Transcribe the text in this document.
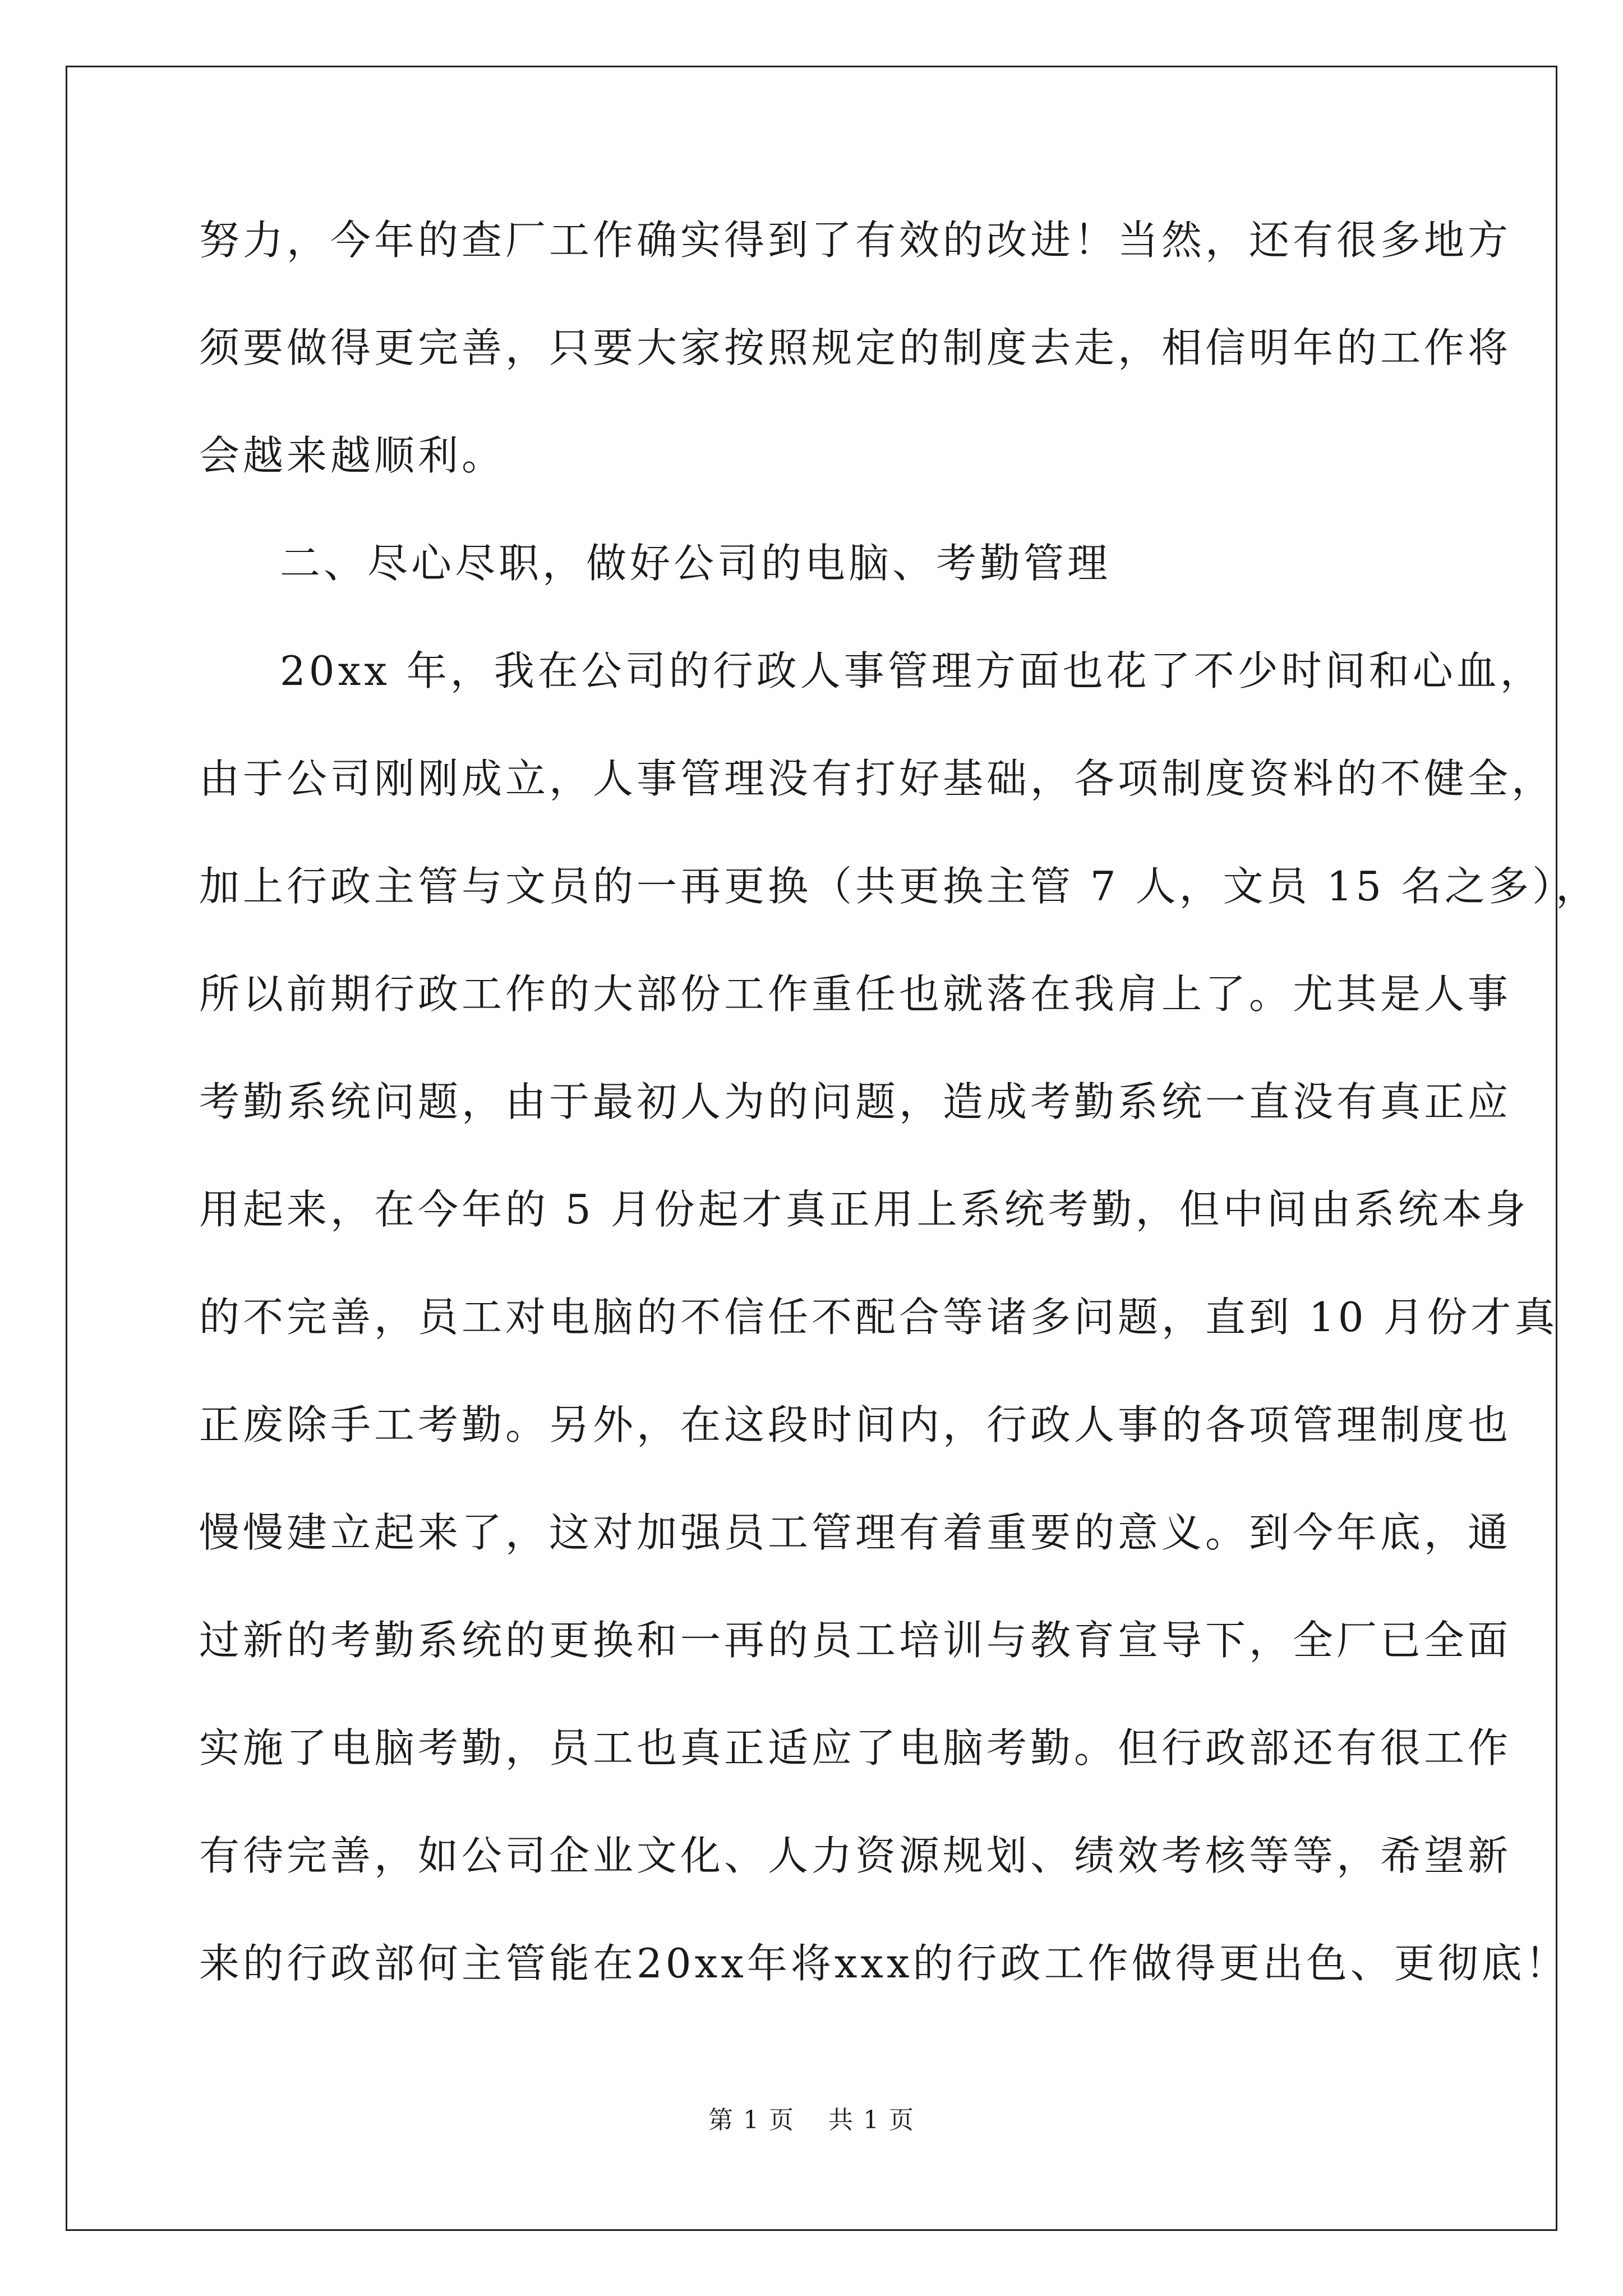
努力，今年的查厂工作确实得到了有效的改进！当然，还有很多地方
须要做得更完善，只要大家按照规定的制度去走，相信明年的工作将
会越来越顺利。
二、尽心尽职，做好公司的电脑、考勤管理
20xx 年，我在公司的行政人事管理方面也花了不少时间和心血，
由于公司刚刚成立，人事管理没有打好基础，各项制度资料的不健全，
加上行政主管与文员的一再更换（共更换主管 7 人，文员 15 名之多），
所以前期行政工作的大部份工作重任也就落在我肩上了。尤其是人事
考勤系统问题，由于最初人为的问题，造成考勤系统一直没有真正应
用起来，在今年的 5 月份起才真正用上系统考勤，但中间由系统本身
的不完善，员工对电脑的不信任不配合等诸多问题，直到 10 月份才真
正废除手工考勤。另外，在这段时间内，行政人事的各项管理制度也
慢慢建立起来了，这对加强员工管理有着重要的意义。到今年底，通
过新的考勤系统的更换和一再的员工培训与教育宣导下，全厂已全面
实施了电脑考勤，员工也真正适应了电脑考勤。但行政部还有很工作
有待完善，如公司企业文化、人力资源规划、绩效考核等等，希望新
来的行政部何主管能在20xx年将xxx的行政工作做得更出色、更彻底！
第 1 页 共 1 页
